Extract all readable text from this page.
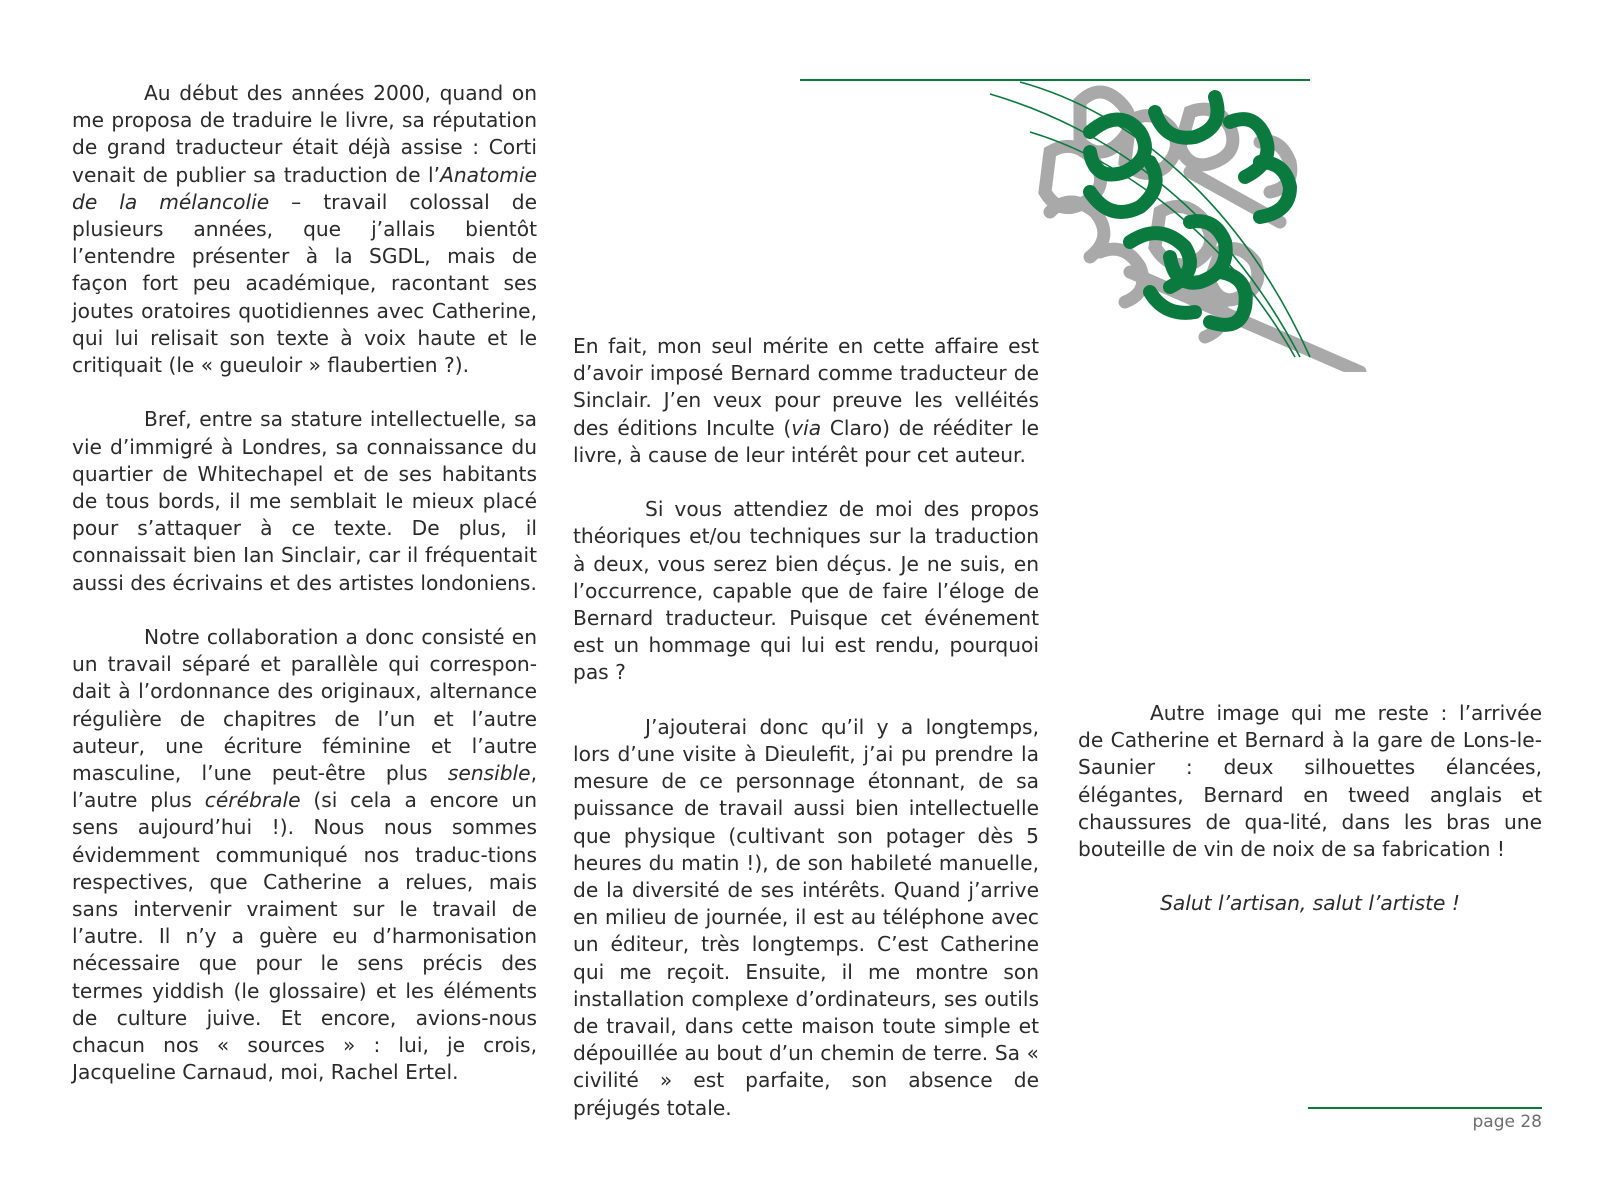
Au début des années 2000, quand on me proposa de traduire le livre, sa réputation de grand traducteur était déjà assise : Corti venait de publier sa traduction de l’Anatomie de la mélancolie – travail colossal de plusieurs années, que j’allais bientôt l’entendre présenter à la SGDL, mais de façon fort peu académique, racontant ses joutes oratoires quotidiennes avec Catherine, qui lui relisait son texte à voix haute et le critiquait (le « gueuloir » flaubertien ?).

Bref, entre sa stature intellectuelle, sa vie d’immigré à Londres, sa connaissance du quartier de Whitechapel et de ses habitants de tous bords, il me semblait le mieux placé pour s’attaquer à ce texte. De plus, il connaissait bien Ian Sinclair, car il fréquentait aussi des écrivains et des artistes londoniens.

Notre collaboration a donc consisté en un travail séparé et parallèle qui correspon-dait à l’ordonnance des originaux, alternance régulière de chapitres de l’un et l’autre auteur, une écriture féminine et l’autre masculine, l’une peut-être plus sensible, l’autre plus cérébrale (si cela a encore un sens aujourd’hui !). Nous nous sommes évidemment communiqué nos traduc-tions respectives, que Catherine a relues, mais sans intervenir vraiment sur le travail de l’autre. Il n’y a guère eu d’harmonisation nécessaire que pour le sens précis des termes yiddish (le glossaire) et les éléments de culture juive. Et encore, avions-nous chacun nos « sources » : lui, je crois, Jacqueline Carnaud, moi, Rachel Ertel.

En fait, mon seul mérite en cette affaire est d’avoir imposé Bernard comme traducteur de Sinclair. J’en veux pour preuve les velléités des éditions Inculte (via Claro) de rééditer le livre, à cause de leur intérêt pour cet auteur.

Si vous attendiez de moi des propos théoriques et/ou techniques sur la traduction à deux, vous serez bien déçus. Je ne suis, en l’occurrence, capable que de faire l’éloge de Bernard traducteur. Puisque cet événement est un hommage qui lui est rendu, pourquoi pas ?

J’ajouterai donc qu’il y a longtemps, lors d’une visite à Dieulefit, j’ai pu prendre la mesure de ce personnage étonnant, de sa puissance de travail aussi bien intellectuelle que physique (cultivant son potager dès 5 heures du matin !), de son habileté manuelle, de la diversité de ses intérêts. Quand j’arrive en milieu de journée, il est au téléphone avec un éditeur, très longtemps. C’est Catherine qui me reçoit. Ensuite, il me montre son installation complexe d’ordinateurs, ses outils de travail, dans cette maison toute simple et dépouillée au bout d’un chemin de terre. Sa « civilité » est parfaite, son absence de préjugés totale.

Autre image qui me reste : l’arrivée de Catherine et Bernard à la gare de Lons-le-Saunier : deux silhouettes élancées, élégantes, Bernard en tweed anglais et chaussures de qua-lité, dans les bras une bouteille de vin de noix de sa fabrication !

Salut l’artisan, salut l’artiste !

page 28
